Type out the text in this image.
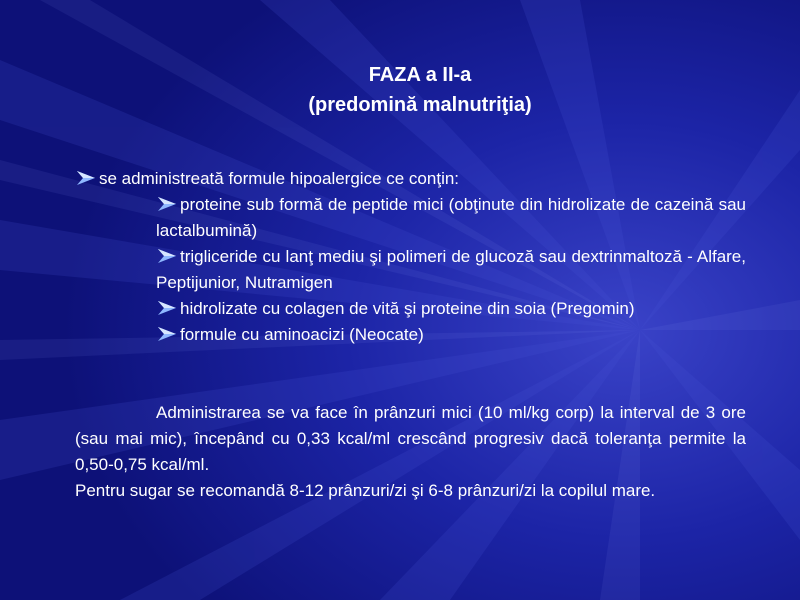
FAZA a II-a
(predomină malnutriţia)
se administreată formule hipoalergice ce conţin:
proteine sub formă de peptide mici (obţinute din hidrolizate de cazeină sau lactalbumină)
trigliceride cu lanţ mediu şi polimeri de glucoză sau dextrinmaltoză - Alfare, Peptijunior, Nutramigen
hidrolizate cu colagen de vită şi proteine din soia (Pregomin)
formule cu aminoacizi (Neocate)
Administrarea se va face în prânzuri mici (10 ml/kg corp) la interval de 3 ore (sau mai mic), începând cu 0,33 kcal/ml crescând progresiv dacă toleranţa permite la 0,50-0,75 kcal/ml.
Pentru sugar se recomandă 8-12 prânzuri/zi şi 6-8 prânzuri/zi la copilul mare.
